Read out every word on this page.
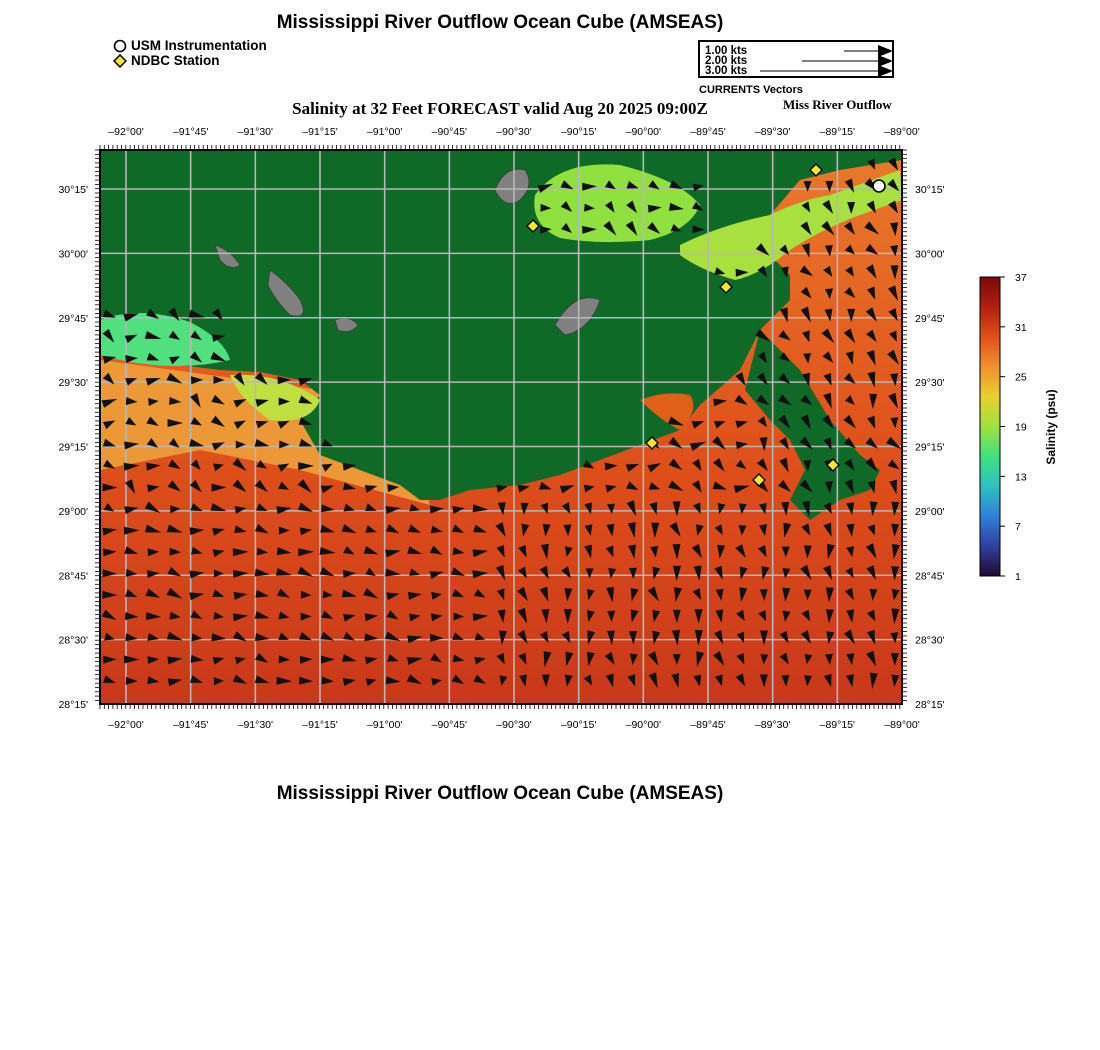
Mississippi River Outflow Ocean Cube (AMSEAS)
USM Instrumentation
NDBC Station
1.00 kts
2.00 kts
3.00 kts
CURRENTS Vectors
Salinity at 32 Feet FORECAST valid Aug 20 2025 09:00Z	Miss River Outflow
–92°00'	–91°45'	–91°30'	–91°15'	–91°00'	–90°45'	–90°30'	–90°15'	–90°00'	–89°45'	–89°30'	–89°15'	–89°00'
–92°00'	–91°45'	–91°30'	–91°15'	–91°00'	–90°45'	–90°30'	–90°15'	–90°00'	–89°45'	–89°30'	–89°15'	–89°00'
30°15'
30°00'
29°45'
29°30'
29°15'
29°00'
28°45'
28°30'
28°15'
30°15'
30°00'
29°45'
29°30'
29°15'
29°00'
28°45'
28°30'
28°15'
37
31
25
19
13
7
1
Salinity (psu)
Mississippi River Outflow Ocean Cube (AMSEAS)
